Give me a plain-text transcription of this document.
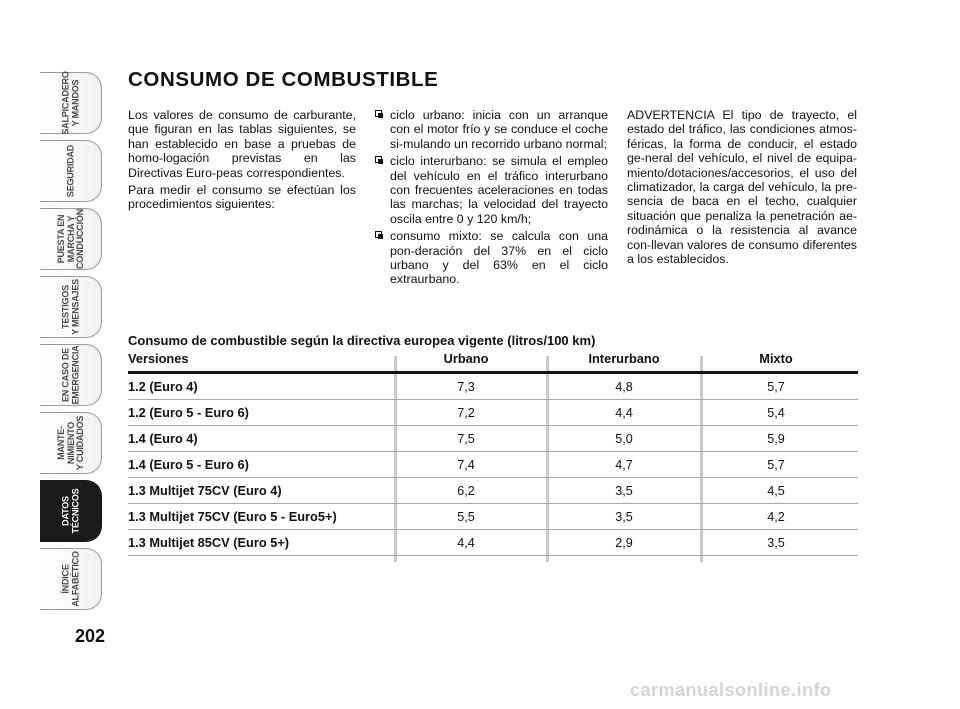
SALPICADERO
Y MANDOS
SEGURIDAD
PUESTA EN
MARCHA Y
CONDUCCIÓN
TESTIGOS
Y MENSAJES
EN CASO DE
EMERGENCIA
MANTE-
NIMIENTO
Y CUIDADOS
DATOS
TÉCNICOS
ÍNDICE
ALFABÉTICO
202
CONSUMO DE COMBUSTIBLE

Los valores de consumo de carburante, que figuran en las tablas siguientes, se han establecido en base a pruebas de homo-logación previstas en las Directivas Euro-peas correspondientes.

Para medir el consumo se efectúan los procedimientos siguientes:

ciclo urbano: inicia con un arranque con el motor frío y se conduce el coche si-mulando un recorrido urbano normal;
ciclo interurbano: se simula el empleo del vehículo en el tráfico interurbano con frecuentes aceleraciones en todas las marchas; la velocidad del trayecto oscila entre 0 y 120 km/h;
consumo mixto: se calcula con una pon-deración del 37% en el ciclo urbano y del 63% en el ciclo extraurbano.

ADVERTENCIA El tipo de trayecto, el estado del tráfico, las condiciones atmos-féricas, la forma de conducir, el estado ge-neral del vehículo, el nivel de equipa-miento/dotaciones/accesorios, el uso del climatizador, la carga del vehículo, la pre-sencia de baca en el techo, cualquier situación que penaliza la penetración ae-rodinámica o la resistencia al avance con-llevan valores de consumo diferentes a los establecidos.

Consumo de combustible según la directiva europea vigente (litros/100 km)
Versiones	Urbano	Interurbano	Mixto
1.2 (Euro 4)	7,3	4,8	5,7
1.2 (Euro 5 - Euro 6)	7,2	4,4	5,4
1.4 (Euro 4)	7,5	5,0	5,9
1.4 (Euro 5 - Euro 6)	7,4	4,7	5,7
1.3 Multijet 75CV (Euro 4)	6,2	3,5	4,5
1.3 Multijet 75CV (Euro 5 - Euro5+)	5,5	3,5	4,2
1.3 Multijet 85CV (Euro 5+)	4,4	2,9	3,5
carmanualsonline.info
